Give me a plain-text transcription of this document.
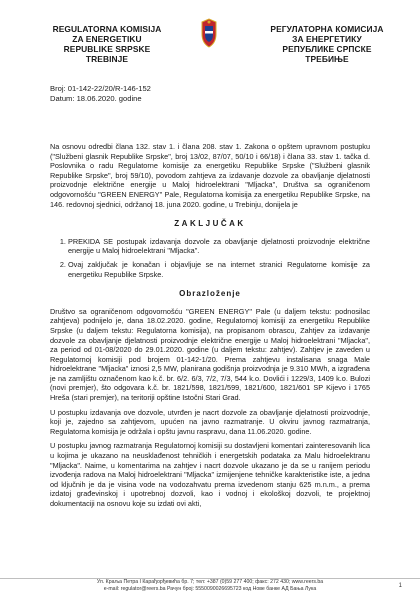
REGULATORNA KOMISIJA
ZA ENERGETIKU
REPUBLIKE SRPSKE
TREBINJE
РЕГУЛАТОРНА КОМИСИЈА
ЗА ЕНЕРГЕТИКУ
РЕПУБЛИКЕ СРПСКЕ
ТРЕБИЊЕ
Broj: 01-142-22/20/R-146-152
Datum: 18.06.2020. godine

Na osnovu odredbi člana 132. stav 1. i člana 208. stav 1. Zakona o opštem upravnom postupku ("Službeni glasnik Republike Srpske", broj 13/02, 87/07, 50/10 i 66/18) i člana 33. stav 1. tačka d. Poslovnika o radu Regulatorne komisije za energetiku Republike Srpske ("Službeni glasnik Republike Srpske", broj 59/10), povodom zahtjeva za izdavanje dozvole za obavljanje djelatnosti proizvodnje električne energije u Maloj hidroelektrani "Mljacka", Društva sa ograničenom odgovornošću "GREEN ENERGY" Pale, Regulatorna komisija za energetiku Republike Srpske, na 146. redovnoj sjednici, održanoj 18. juna 2020. godine, u Trebinju, donijela je

ZAKLJUČAK

1. PREKIDA SE postupak izdavanja dozvole za obavljanje djelatnosti proizvodnje električne energije u Maloj hidroelektrani "Mljacka".
2. Ovaj zaključak je konačan i objavljuje se na internet stranici Regulatorne komisije za energetiku Republike Srpske.

Obrazloženje

Društvo sa ograničenom odgovornošću "GREEN ENERGY" Pale (u daljem tekstu: podnosilac zahtjeva) podnijelo je, dana 18.02.2020. godine, Regulatornoj komisiji za energetiku Republike Srpske (u daljem tekstu: Regulatorna komisija), na propisanom obrascu, Zahtjev za izdavanje dozvole za obavljanje djelatnosti proizvodnje električne energije u Maloj hidroelektrani "Mljacka", za period od 01-08/2020 do 29.01.2020. godine (u daljem tekstu: zahtjev). Zahtjev je zaveden u Regulatornoj komisiji pod brojem 01-142-1/20. Prema zahtjevu instalisana snaga Male hidroelektrane "Mljacka" iznosi 2,5 MW, planirana godišnja proizvodnja je 9.310 MWh, a izgrađena je na zamljištu označenom kao k.č. br. 6/2. 6/3, 7/2, 7/3, 544 k.o. Dovlići i 1229/3, 1409 k.o. Bulozi (novi premjer), što odgovara k.č. br. 1821/598, 1821/599, 1821/600, 1821/601 SP Kijevo i 1765 Hreša (stari premjer), na teritoriji opštine Istočni Stari Grad.

U postupku izdavanja ove dozvole, utvrđen je nacrt dozvole za obavljanje djelatnosti proizvodnje, koji je, zajedno sa zahtjevom, upućen na javno razmatranje. U okviru javnog razmatranja, Regulatorna komisija je održala i opštu javnu raspravu, dana 11.06.2020. godine.

U postupku javnog razmatranja Regulatornoj komisiji su dostavljeni komentari zainteresovanih lica u kojima je ukazano na neusklađenost tehničkih i energetskih podataka za Malu hidroelektranu "Mljacka". Naime, u komentarima na zahtjev i nacrt dozvole ukazano je da se u ranijem periodu izvođenja radova na Maloj hidroelektrani "Mljacka" izmijenjene tehničke karakteristike iste, a jedna od ključnih je da je visina vode na vodozahvatu prema izvedenom stanju 625 m.n.m., a prema izdatoj građevinskoj i upotrebnoj dozvoli, kao i vodnoj i ekološkoj dozvoli, te projektnoj dokumentaciji na osnovu koje su izdati ovi akti,

Ул. Краља Петра I Карађорђевића бр. 7; тел: +387 (0)59 277 400; факс: 272 430; www.reers.ba
e-mail: regulator@reers.ba Рачун број: 5550090026695723 код Нове банке АД Бања Лука	1
